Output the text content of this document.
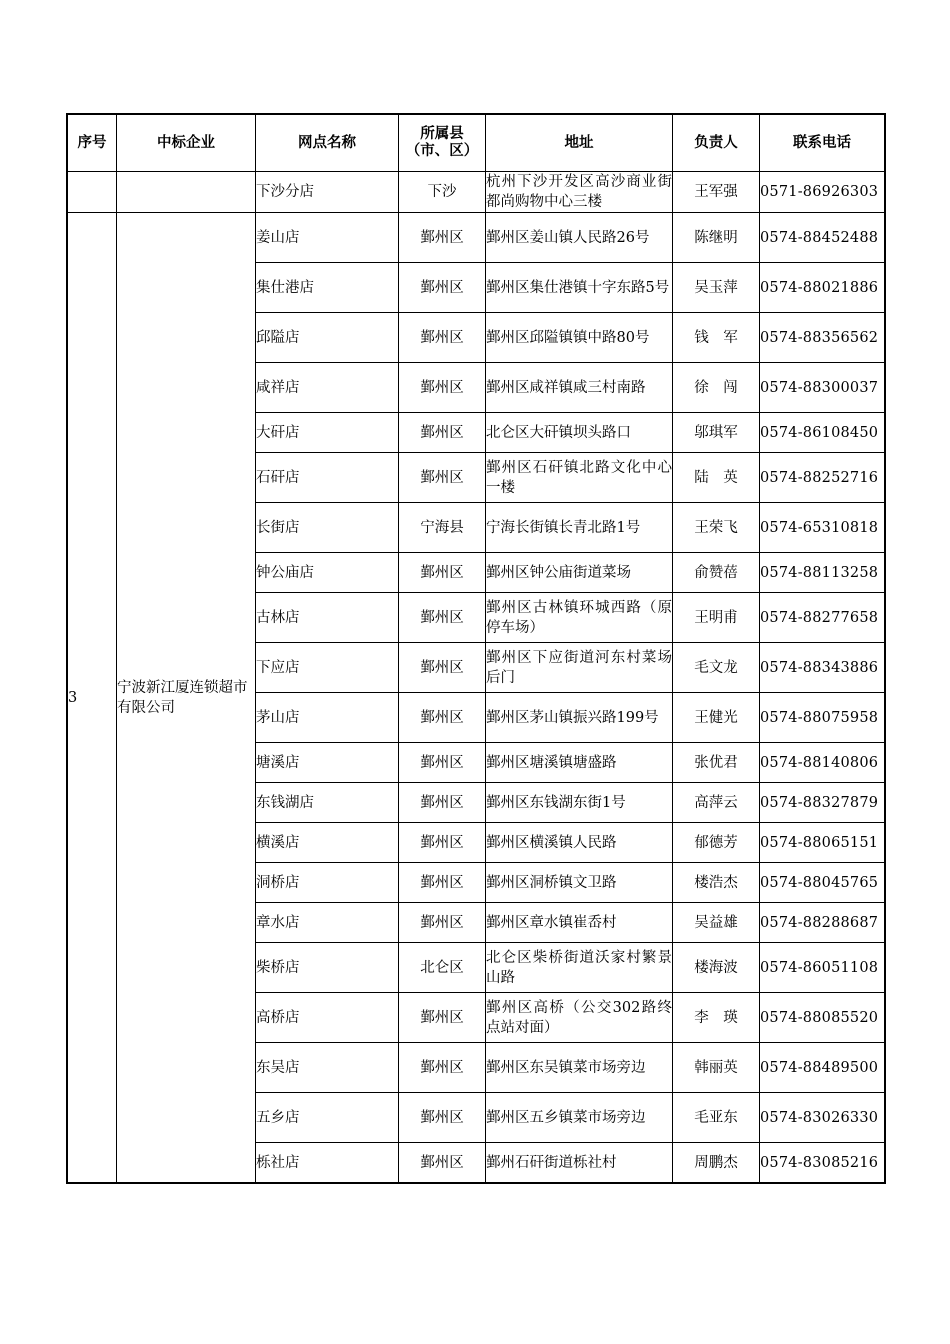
序号	中标企业	网点名称	所属县（市、区）	地址	负责人	联系电话
		下沙分店	下沙	杭州下沙开发区高沙商业街都尚购物中心三楼	王军强	0571-86926303
3	宁波新江厦连锁超市有限公司	姜山店	鄞州区	鄞州区姜山镇人民路26号	陈继明	0574-88452488
		集仕港店	鄞州区	鄞州区集仕港镇十字东路5号	吴玉萍	0574-88021886
		邱隘店	鄞州区	鄞州区邱隘镇镇中路80号	钱　军	0574-88356562
		咸祥店	鄞州区	鄞州区咸祥镇咸三村南路	徐　闯	0574-88300037
		大矸店	鄞州区	北仑区大矸镇坝头路口	邬琪军	0574-86108450
		石矸店	鄞州区	鄞州区石矸镇北路文化中心一楼	陆　英	0574-88252716
		长街店	宁海县	宁海长街镇长青北路1号	王荣飞	0574-65310818
		钟公庙店	鄞州区	鄞州区钟公庙街道菜场	俞赞蓓	0574-88113258
		古林店	鄞州区	鄞州区古林镇环城西路（原停车场）	王明甫	0574-88277658
		下应店	鄞州区	鄞州区下应街道河东村菜场后门	毛文龙	0574-88343886
		茅山店	鄞州区	鄞州区茅山镇振兴路199号	王健光	0574-88075958
		塘溪店	鄞州区	鄞州区塘溪镇塘盛路	张优君	0574-88140806
		东钱湖店	鄞州区	鄞州区东钱湖东街1号	高萍云	0574-88327879
		横溪店	鄞州区	鄞州区横溪镇人民路	郁德芳	0574-88065151
		洞桥店	鄞州区	鄞州区洞桥镇文卫路	楼浩杰	0574-88045765
		章水店	鄞州区	鄞州区章水镇崔岙村	吴益雄	0574-88288687
		柴桥店	北仑区	北仑区柴桥街道沃家村繁景山路	楼海波	0574-86051108
		高桥店	鄞州区	鄞州区高桥（公交302路终点站对面）	李　瑛	0574-88085520
		东吴店	鄞州区	鄞州区东吴镇菜市场旁边	韩丽英	0574-88489500
		五乡店	鄞州区	鄞州区五乡镇菜市场旁边	毛亚东	0574-83026330
		栎社店	鄞州区	鄞州石矸街道栎社村	周鹏杰	0574-83085216
